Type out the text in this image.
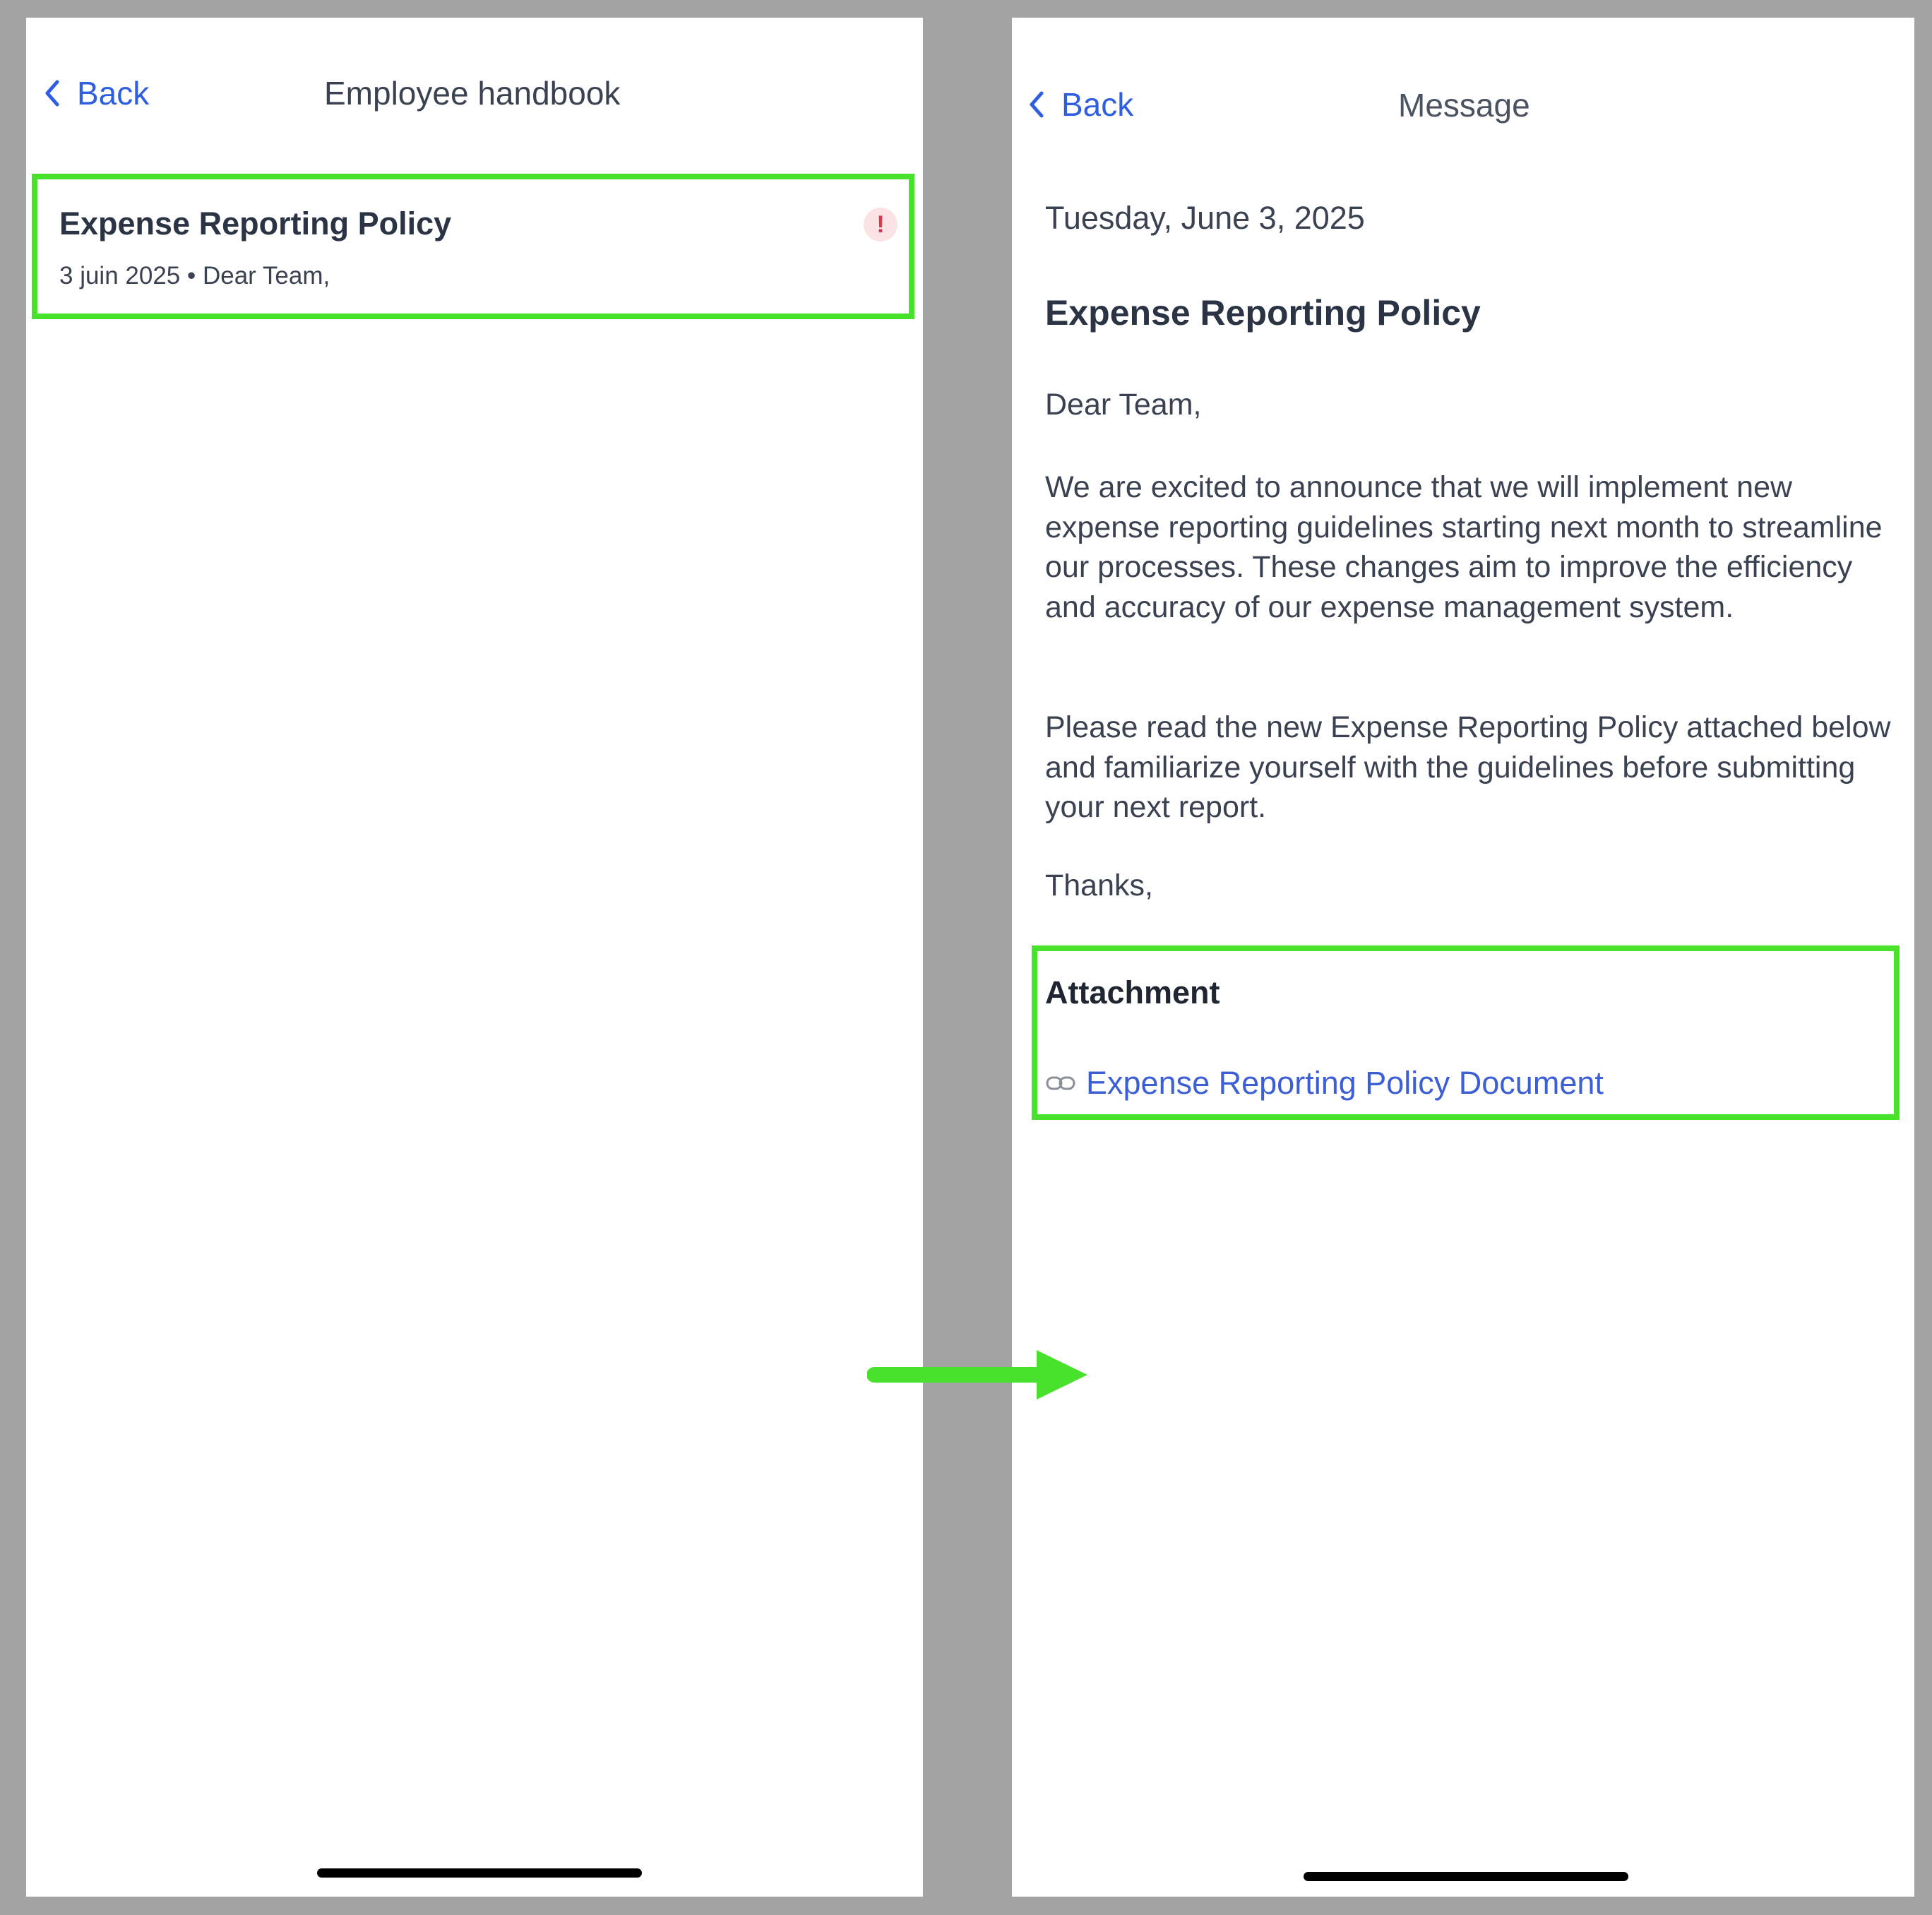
Back	Employee handbook
Expense Reporting Policy
3 juin 2025 • Dear Team,
!
Back	Message
Tuesday, June 3, 2025
Expense Reporting Policy
Dear Team,
We are excited to announce that we will implement new expense reporting guidelines starting next month to streamline our processes. These changes aim to improve the efficiency and accuracy of our expense management system.
Please read the new Expense Reporting Policy attached below and familiarize yourself with the guidelines before submitting your next report.
Thanks,
Attachment
Expense Reporting Policy Document
